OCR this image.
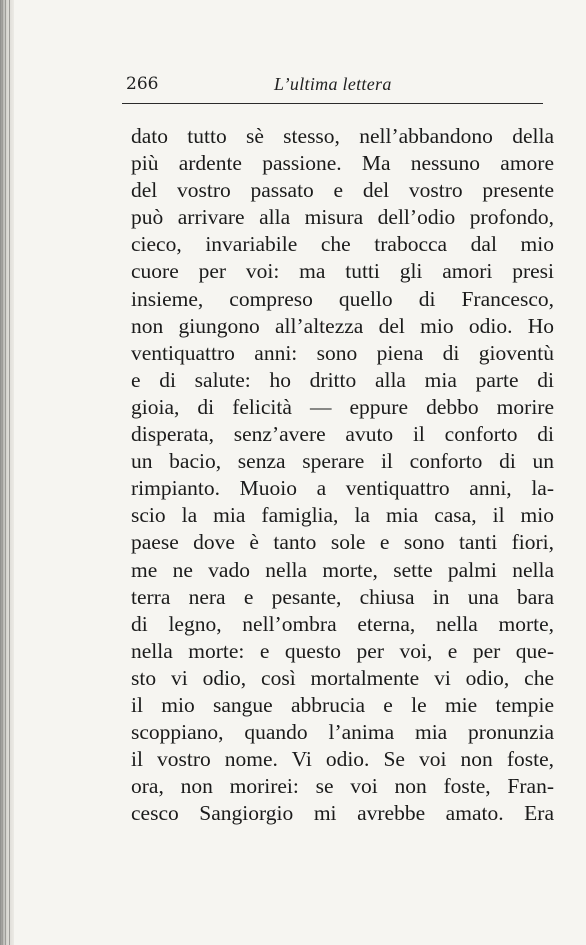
266	L’ultima lettera
dato tutto sè stesso, nell’abbandono della
più ardente passione. Ma nessuno amore
del vostro passato e del vostro presente
può arrivare alla misura dell’odio profondo,
cieco, invariabile che trabocca dal mio
cuore per voi: ma tutti gli amori presi
insieme, compreso quello di Francesco,
non giungono all’altezza del mio odio. Ho
ventiquattro anni: sono piena di gioventù
e di salute: ho dritto alla mia parte di
gioia, di felicità — eppure debbo morire
disperata, senz’avere avuto il conforto di
un bacio, senza sperare il conforto di un
rimpianto. Muoio a ventiquattro anni, la-
scio la mia famiglia, la mia casa, il mio
paese dove è tanto sole e sono tanti fiori,
me ne vado nella morte, sette palmi nella
terra nera e pesante, chiusa in una bara
di legno, nell’ombra eterna, nella morte,
nella morte: e questo per voi, e per que-
sto vi odio, così mortalmente vi odio, che
il mio sangue abbrucia e le mie tempie
scoppiano, quando l’anima mia pronunzia
il vostro nome. Vi odio. Se voi non foste,
ora, non morirei: se voi non foste, Fran-
cesco Sangiorgio mi avrebbe amato. Era
